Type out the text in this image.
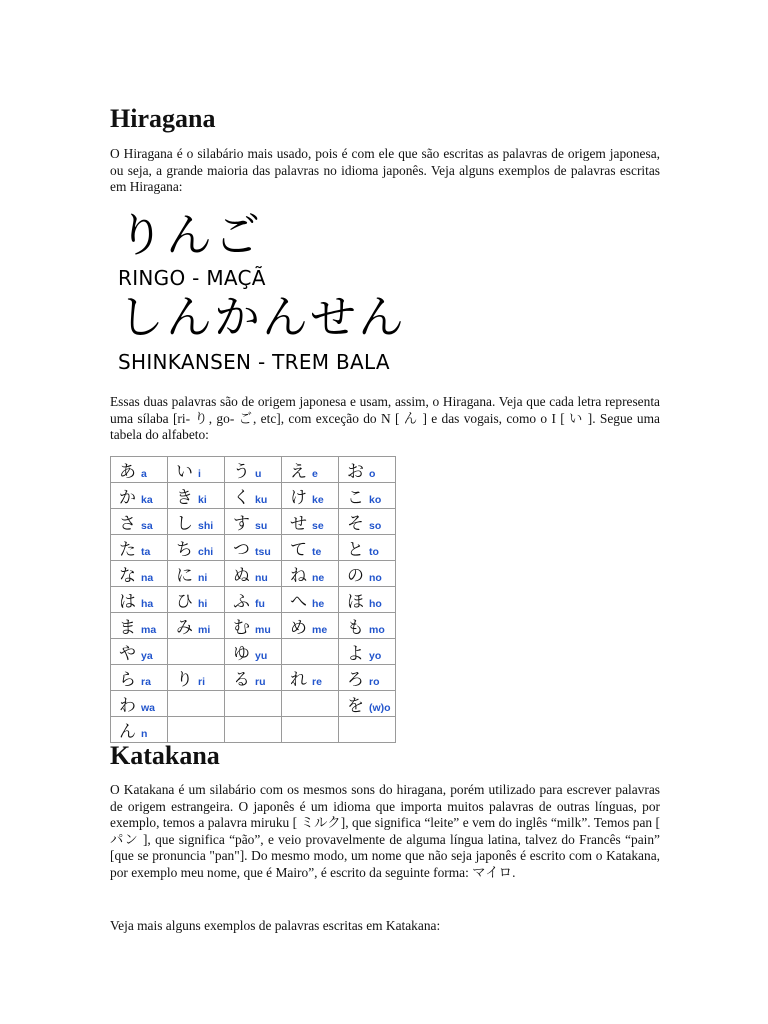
Hiragana

O Hiragana é o silabário mais usado, pois é com ele que são escritas as palavras de origem japonesa, ou seja, a grande maioria das palavras no idioma japonês. Veja alguns exemplos de palavras escritas em Hiragana:

りんご
RINGO - MAÇÃ
しんかんせん
SHINKANSEN - TREM BALA

Essas duas palavras são de origem japonesa e usam, assim, o Hiragana. Veja que cada letra representa uma sílaba [ri- り, go- ご, etc], com exceção do N [ ん ] e das vogais, como o I [ い ]. Segue uma tabela do alfabeto:

あ a	い i	う u	え e	お o
か ka	き ki	く ku	け ke	こ ko
さ sa	し shi	す su	せ se	そ so
た ta	ち chi	つ tsu	て te	と to
な na	に ni	ぬ nu	ね ne	の no
は ha	ひ hi	ふ fu	へ he	ほ ho
ま ma	み mi	む mu	め me	も mo
や ya		ゆ yu		よ yo
ら ra	り ri	る ru	れ re	ろ ro
わ wa				を (w)o
ん n				
Katakana

O Katakana é um silabário com os mesmos sons do hiragana, porém utilizado para escrever palavras de origem estrangeira. O japonês é um idioma que importa muitos palavras de outras línguas, por exemplo, temos a palavra miruku [ ミルク], que significa “leite” e vem do inglês “milk”. Temos pan [ パン ], que significa “pão”, e veio provavelmente de alguma língua latina, talvez do Francês “pain” [que se pronuncia "pan"]. Do mesmo modo, um nome que não seja japonês é escrito com o Katakana, por exemplo meu nome, que é Mairo”, é escrito da seguinte forma: マイロ.

Veja mais alguns exemplos de palavras escritas em Katakana:
